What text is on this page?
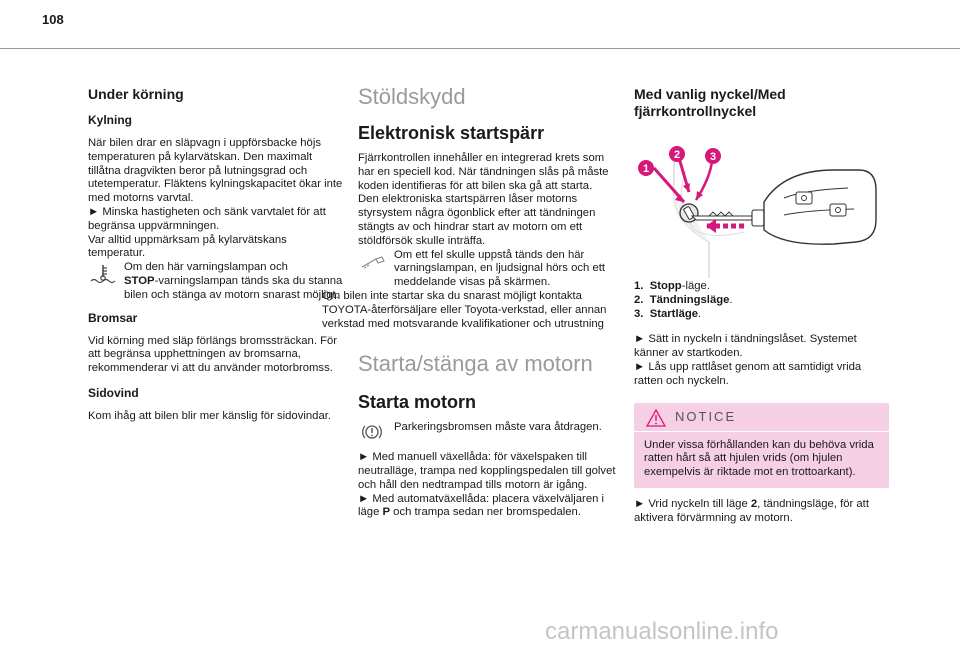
108
Under körning
Kylning

När bilen drar en släpvagn i uppförsbacke höjs temperaturen på kylarvätskan. Den maximalt tillåtna dragvikten beror på lutningsgrad och utetemperatur. Fläktens kylningskapacitet ökar inte med motorns varvtal.

► Minska hastigheten och sänk varvtalet för att begränsa uppvärmningen.

Var alltid uppmärksam på kylarvätskans temperatur.

Om den här varningslampan och
STOP-varningslampan tänds ska du stanna bilen och stänga av motorn snarast möjligt.

Bromsar

Vid körning med släp förlängs bromssträckan. För att begränsa upphettningen av bromsarna, rekommenderar vi att du använder motorbromss.

Sidovind

Kom ihåg att bilen blir mer känslig för sidovindar.

Stöldskydd
Elektronisk startspärr

Fjärrkontrollen innehåller en integrerad krets som har en speciell kod. När tändningen slås på måste koden identifieras för att bilen ska gå att starta.

Den elektroniska startspärren låser motorns styrsystem några ögonblick efter att tändningen stängts av och hindrar start av motorn om ett stöldförsök skulle inträffa.

Om ett fel skulle uppstå tänds den här varningslampan, en ljudsignal hörs och ett meddelande visas på skärmen.

Om bilen inte startar ska du snarast möjligt kontakta TOYOTA-återförsäljare eller Toyota-verkstad, eller annan verkstad med motsvarande kvalifikationer och utrustning

Starta/stänga av motorn
Starta motorn

Parkeringsbromsen måste vara åtdragen.

► Med manuell växellåda: för växelspaken till neutralläge, trampa ned kopplingspedalen till golvet och håll den nedtrampad tills motorn är igång.

► Med automatväxellåda: placera växelväljaren i läge P och trampa sedan ner bromspedalen.

Med vanlig nyckel/Med fjärrkontrollnyckel
1
2	3
1. Stopp-läge.
2. Tändningsläge.
3. Startläge.

► Sätt in nyckeln i tändningslåset. Systemet känner av startkoden.

► Lås upp rattlåset genom att samtidigt vrida ratten och nyckeln.

NOTICE
Under vissa förhållanden kan du behöva vrida ratten hårt så att hjulen vrids (om hjulen exempelvis är riktade mot en trottoarkant).

► Vrid nyckeln till läge 2, tändningsläge, för att aktivera förvärmning av motorn.

carmanualsonline.info
